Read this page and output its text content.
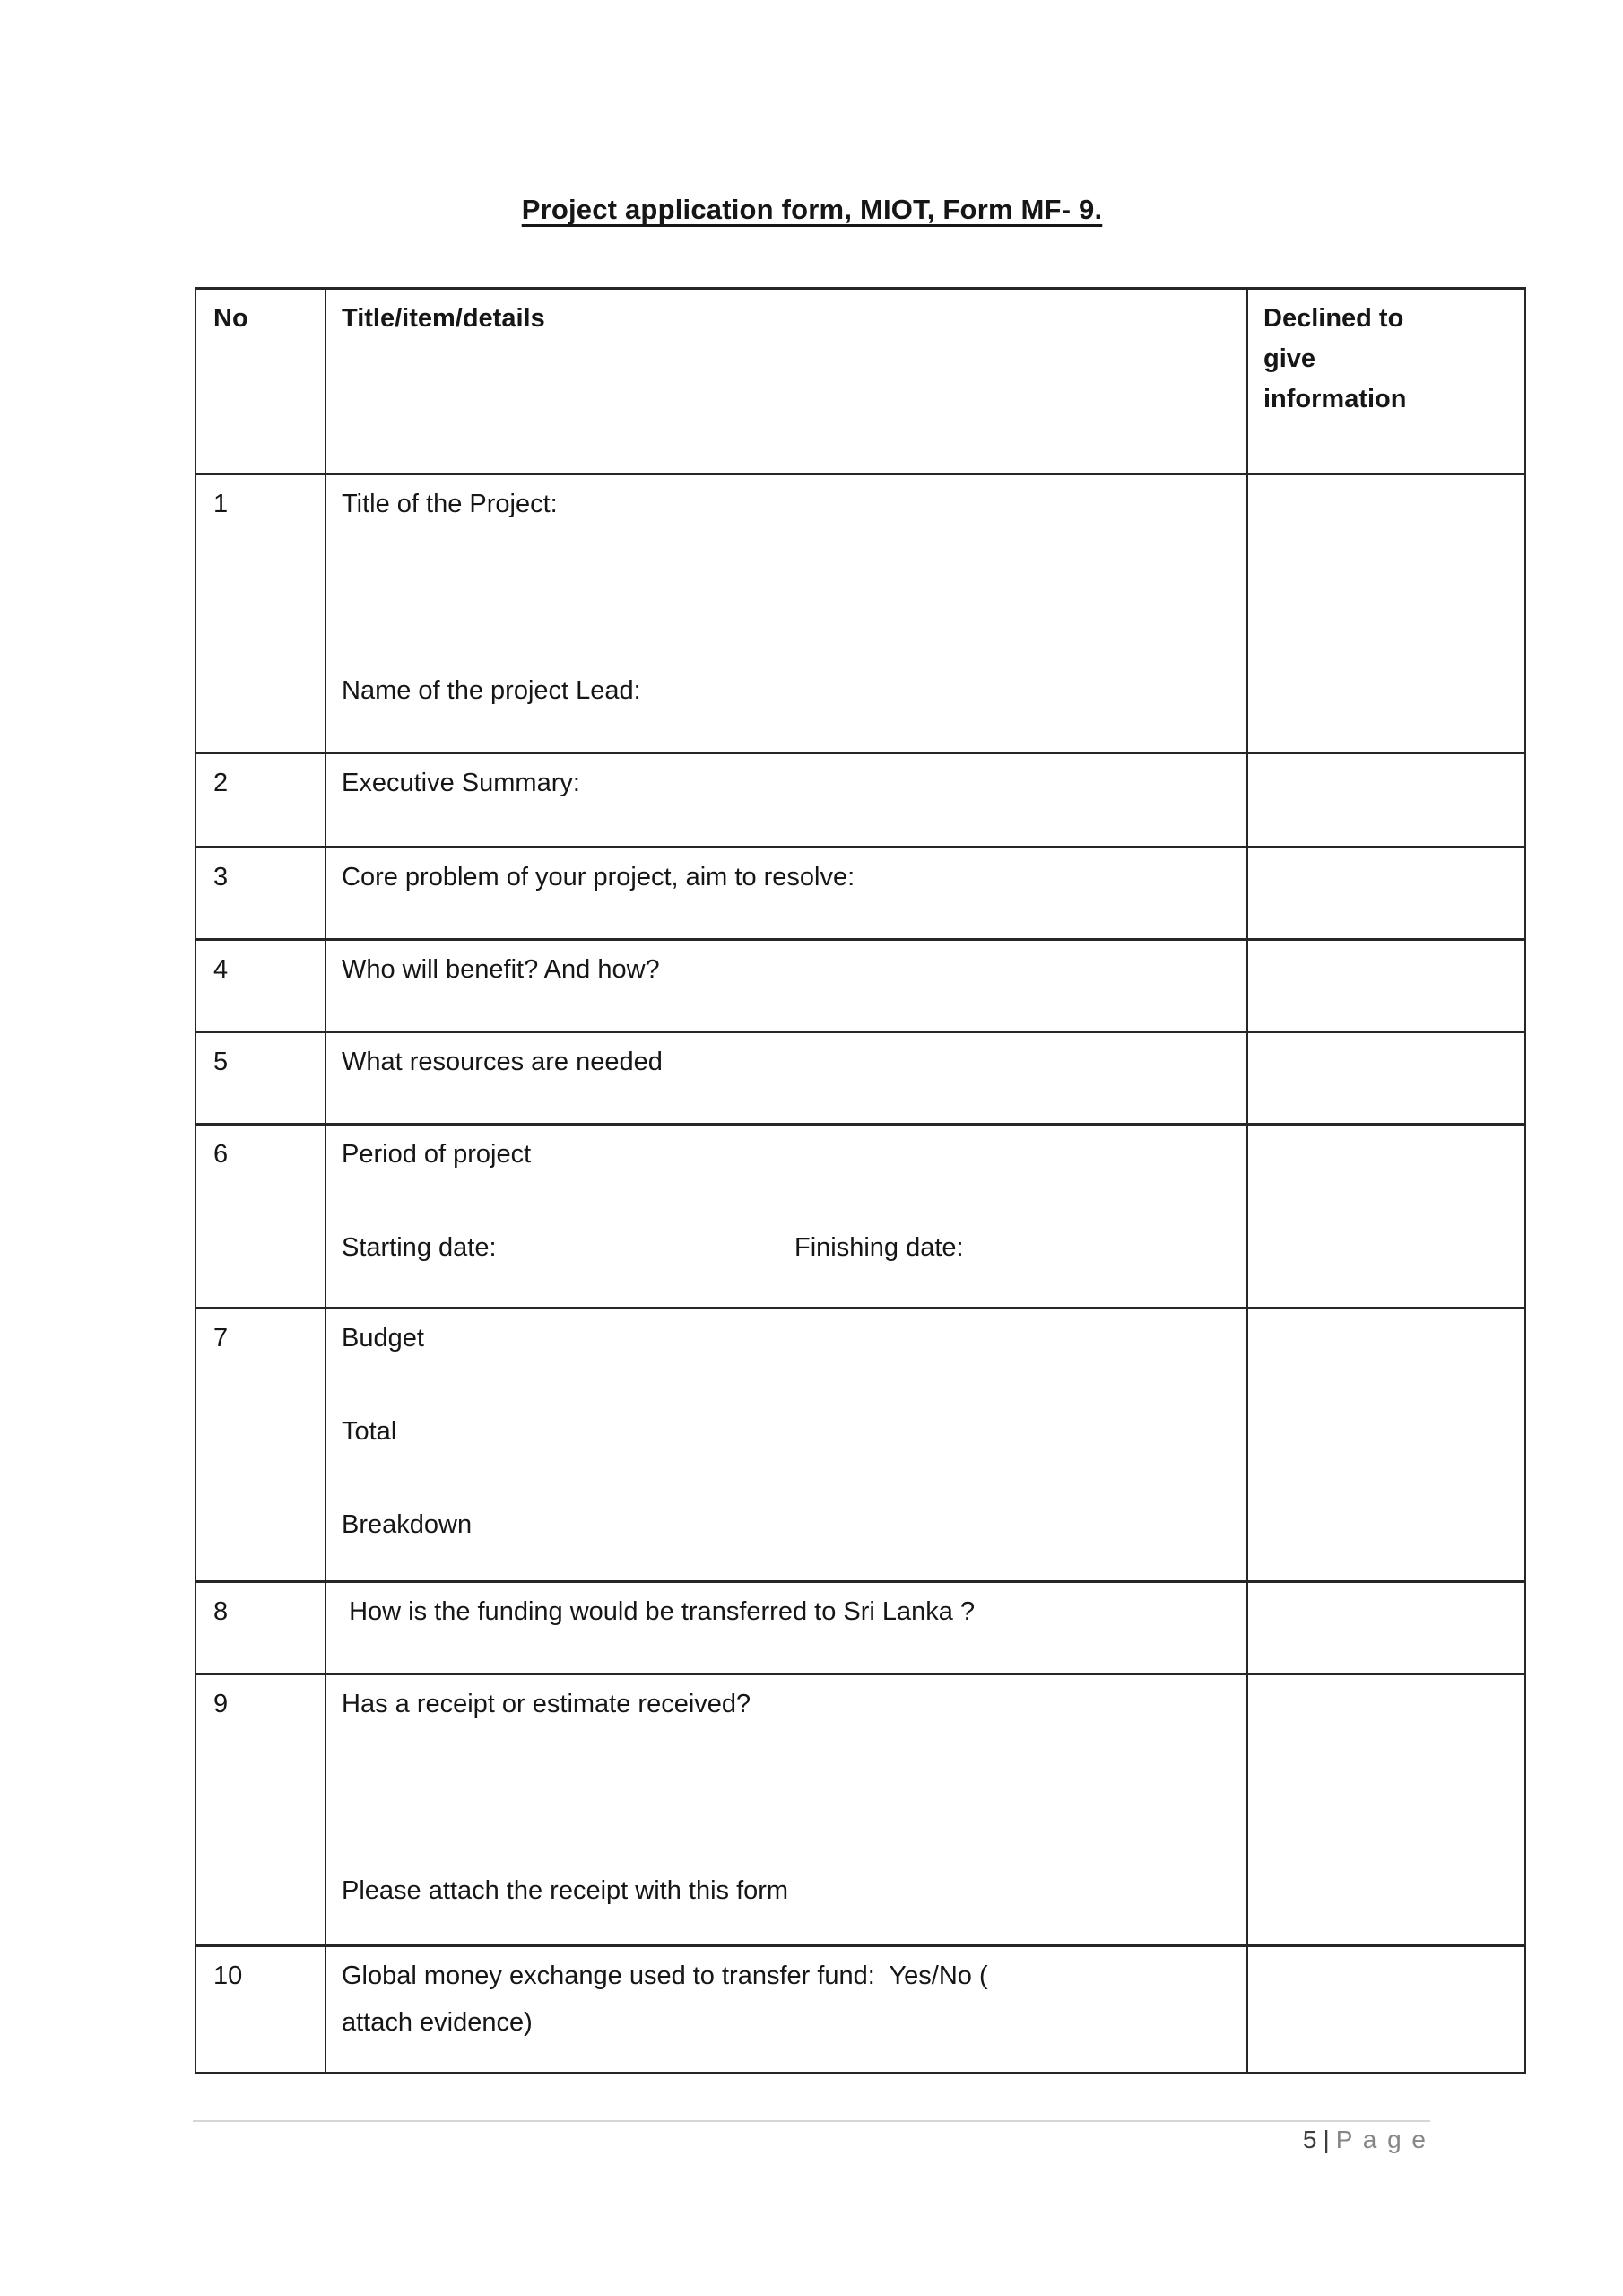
Project application form, MIOT, Form MF- 9.
No	Title/item/details	Declined to
give
information

1	Title of the Project:
Name of the project Lead:	

2	Executive Summary:	

3	Core problem of your project, aim to resolve:	

4	Who will benefit? And how?	

5	What resources are needed	

6	Period of project
Starting date: Finishing date:	

7	Budget
Total
Breakdown	

8	How is the funding would be transferred to Sri Lanka ?	

9	Has a receipt or estimate received?
Please attach the receipt with this form	

10	Global money exchange used to transfer fund:  Yes/No (
attach evidence)	

5 | P a g e
